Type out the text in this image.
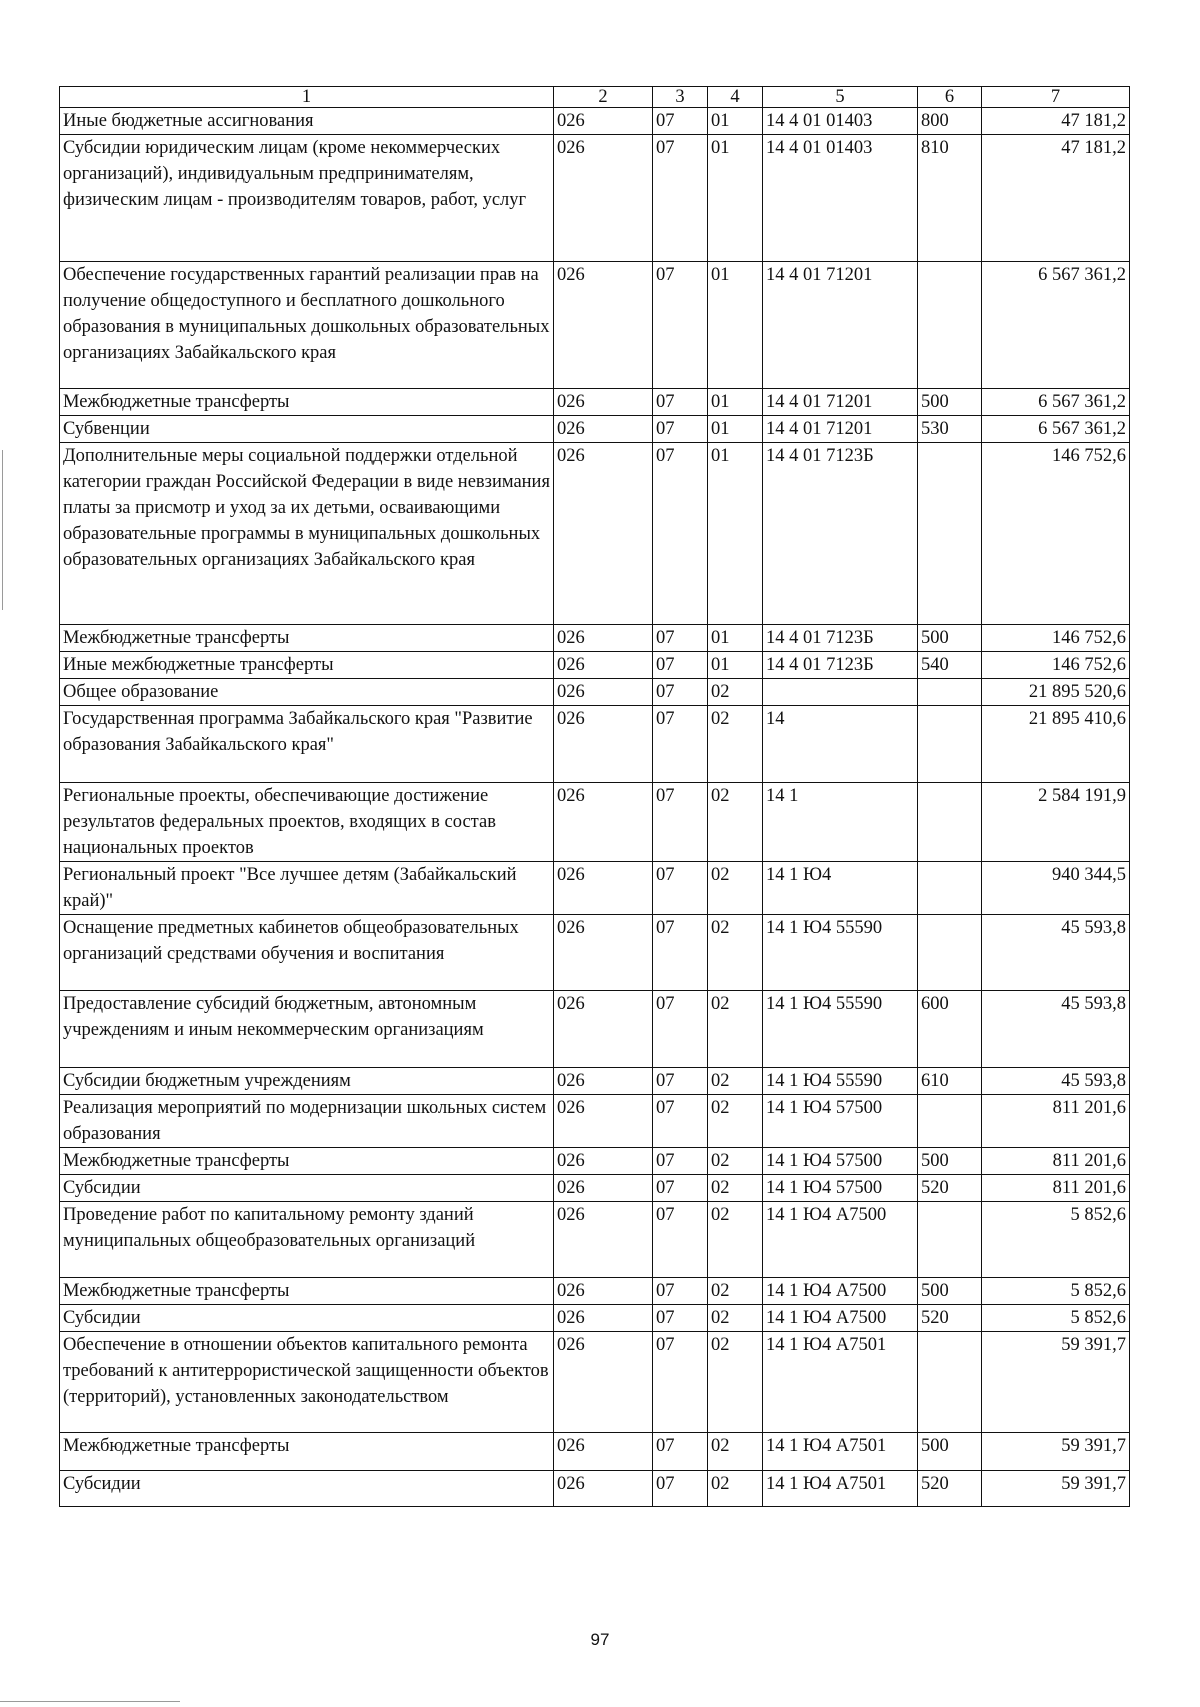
1	2	3	4	5	6	7
Иные бюджетные ассигнования	026	07	01	14 4 01 01403	800	47 181,2
Субсидии юридическим лицам (кроме некоммерческих организаций), индивидуальным предпринимателям, физическим лицам - производителям товаров, работ, услуг	026	07	01	14 4 01 01403	810	47 181,2
Обеспечение государственных гарантий реализации прав на получение общедоступного и бесплатного дошкольного образования в муниципальных дошкольных образовательных организациях Забайкальского края	026	07	01	14 4 01 71201		6 567 361,2
Межбюджетные трансферты	026	07	01	14 4 01 71201	500	6 567 361,2
Субвенции	026	07	01	14 4 01 71201	530	6 567 361,2
Дополнительные меры социальной поддержки отдельной категории граждан Российской Федерации в виде невзимания платы за присмотр и уход за их детьми, осваивающими образовательные программы в муниципальных дошкольных образовательных организациях Забайкальского края	026	07	01	14 4 01 7123Б		146 752,6
Межбюджетные трансферты	026	07	01	14 4 01 7123Б	500	146 752,6
Иные межбюджетные трансферты	026	07	01	14 4 01 7123Б	540	146 752,6
Общее образование	026	07	02			21 895 520,6
Государственная программа Забайкальского края "Развитие образования Забайкальского края"	026	07	02	14		21 895 410,6
Региональные проекты, обеспечивающие достижение результатов федеральных проектов, входящих в состав национальных проектов	026	07	02	14 1		2 584 191,9
Региональный проект "Все лучшее детям (Забайкальский край)"	026	07	02	14 1 Ю4		940 344,5
Оснащение предметных кабинетов общеобразовательных организаций средствами обучения и воспитания	026	07	02	14 1 Ю4 55590		45 593,8
Предоставление субсидий бюджетным, автономным учреждениям и иным некоммерческим организациям	026	07	02	14 1 Ю4 55590	600	45 593,8
Субсидии бюджетным учреждениям	026	07	02	14 1 Ю4 55590	610	45 593,8
Реализация мероприятий по модернизации школьных систем образования	026	07	02	14 1 Ю4 57500		811 201,6
Межбюджетные трансферты	026	07	02	14 1 Ю4 57500	500	811 201,6
Субсидии	026	07	02	14 1 Ю4 57500	520	811 201,6
Проведение работ по капитальному ремонту зданий муниципальных общеобразовательных организаций	026	07	02	14 1 Ю4 А7500		5 852,6
Межбюджетные трансферты	026	07	02	14 1 Ю4 А7500	500	5 852,6
Субсидии	026	07	02	14 1 Ю4 А7500	520	5 852,6
Обеспечение в отношении объектов капитального ремонта требований к антитеррористической защищенности объектов (территорий), установленных законодательством	026	07	02	14 1 Ю4 А7501		59 391,7
Межбюджетные трансферты	026	07	02	14 1 Ю4 А7501	500	59 391,7
Субсидии	026	07	02	14 1 Ю4 А7501	520	59 391,7
97
